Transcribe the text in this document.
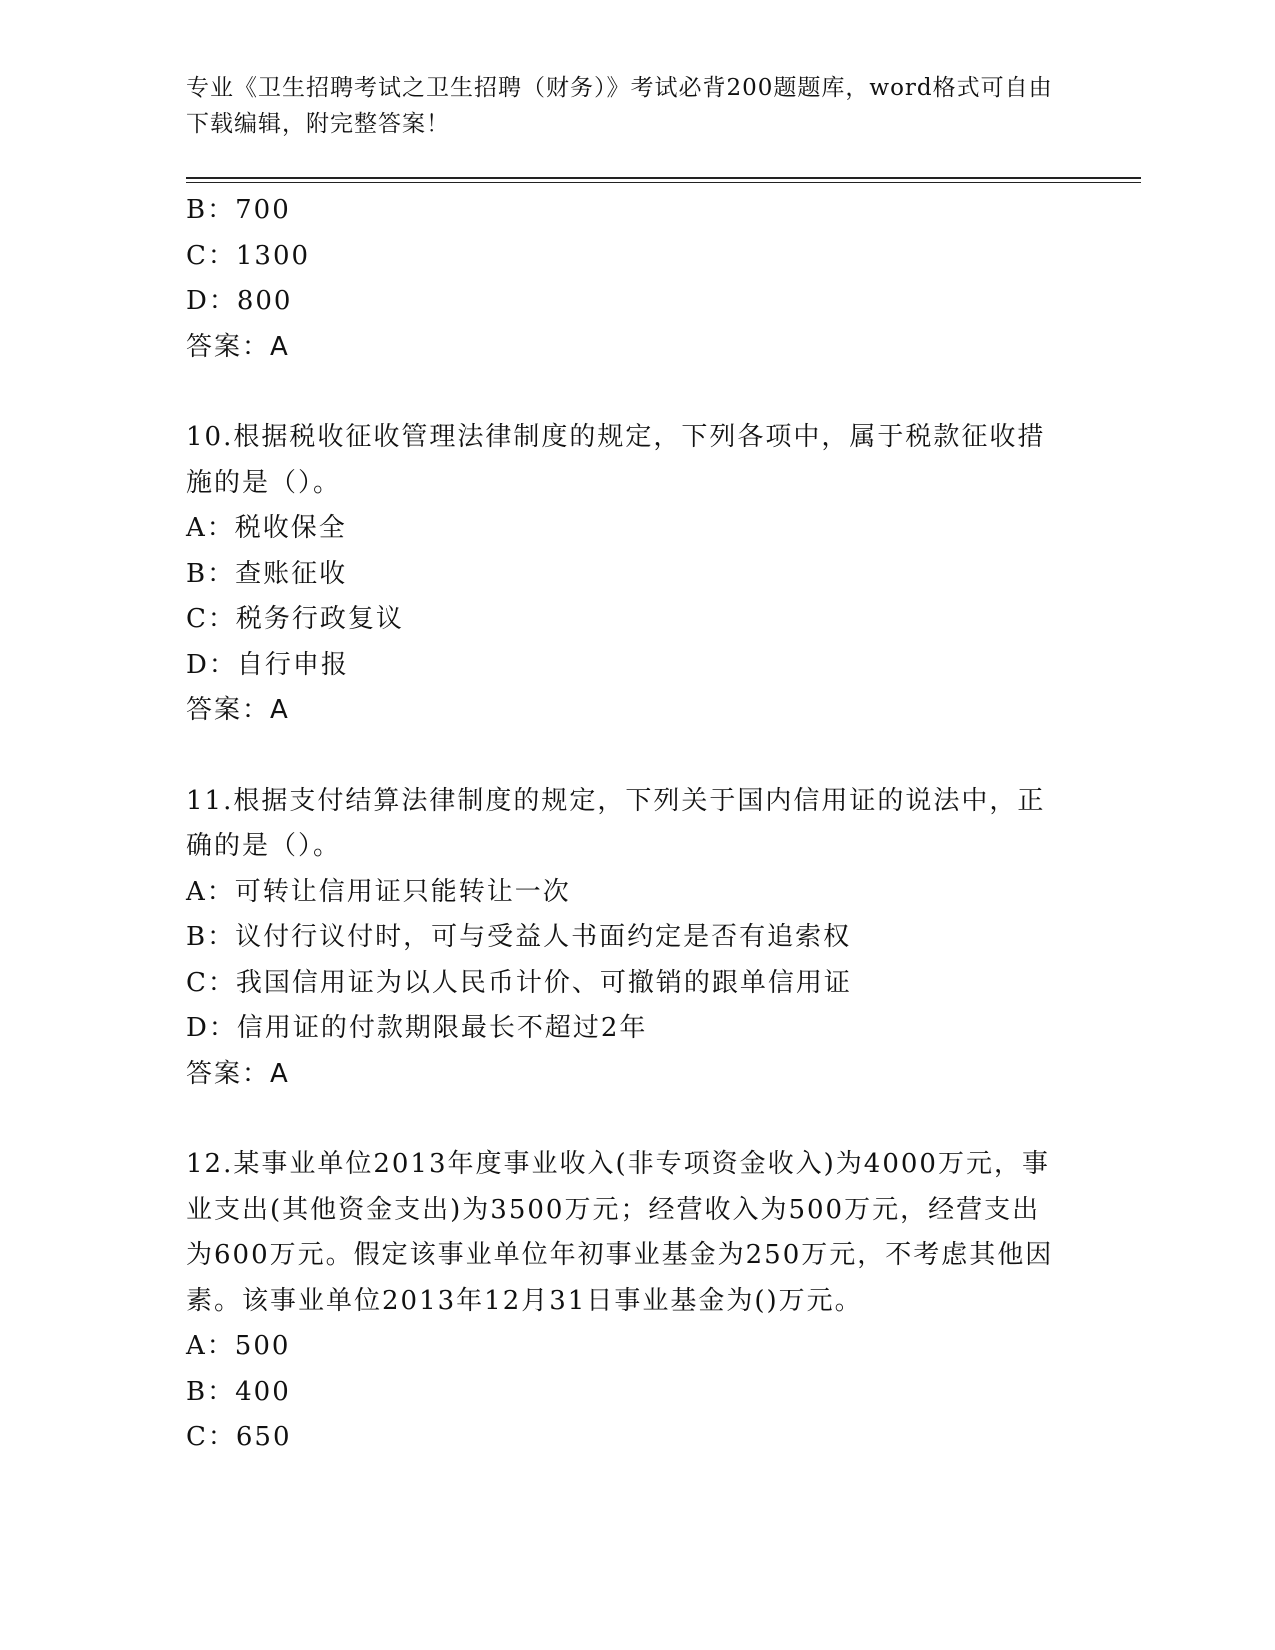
专业《卫生招聘考试之卫生招聘（财务）》考试必背200题题库，word格式可自由下载编辑，附完整答案！
B：700
C：1300
D：800
答案：A
10.根据税收征收管理法律制度的规定，下列各项中，属于税款征收措施的是（）。
A：税收保全
B：查账征收
C：税务行政复议
D：自行申报
答案：A
11.根据支付结算法律制度的规定，下列关于国内信用证的说法中，正确的是（）。
A：可转让信用证只能转让一次
B：议付行议付时，可与受益人书面约定是否有追索权
C：我国信用证为以人民币计价、可撤销的跟单信用证
D：信用证的付款期限最长不超过2年
答案：A
12.某事业单位2013年度事业收入(非专项资金收入)为4000万元，事业支出(其他资金支出)为3500万元；经营收入为500万元，经营支出为600万元。假定该事业单位年初事业基金为250万元，不考虑其他因素。该事业单位2013年12月31日事业基金为()万元。
A：500
B：400
C：650
